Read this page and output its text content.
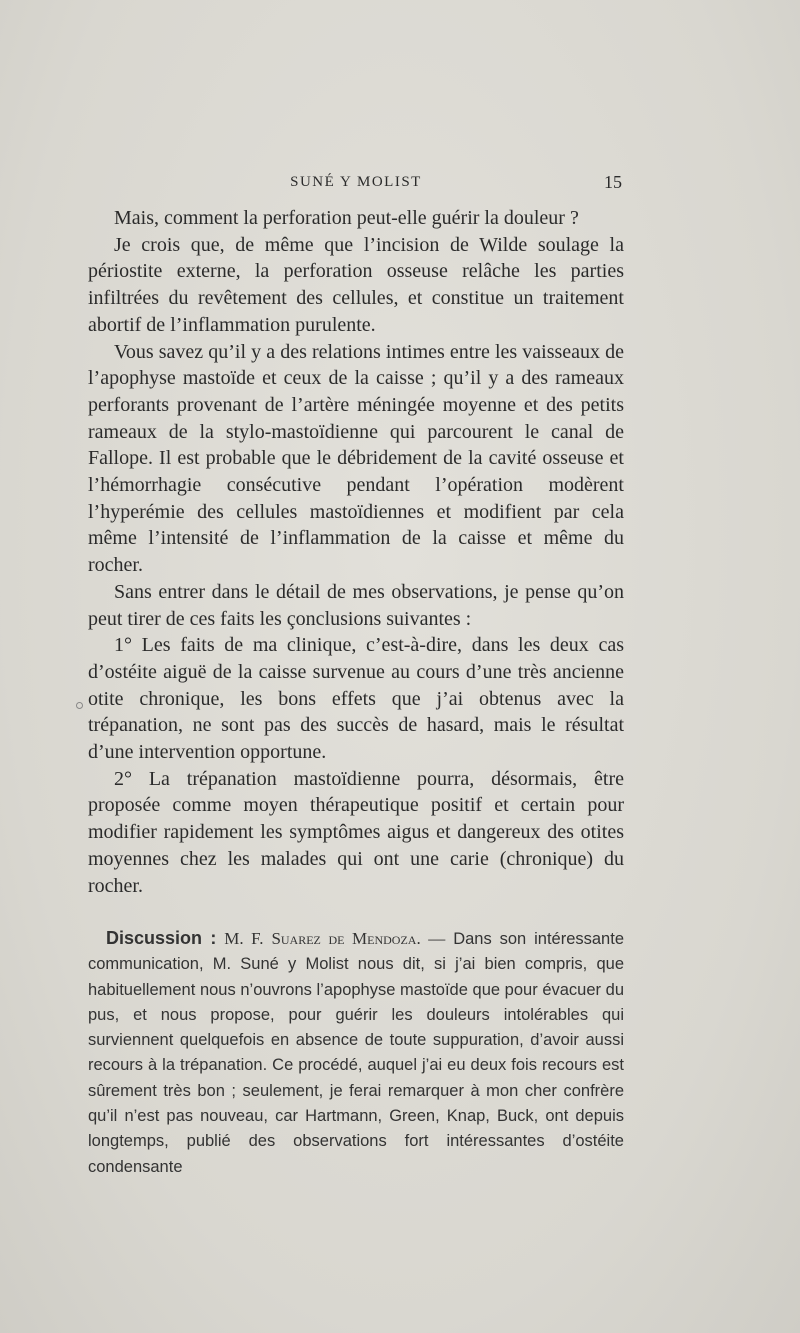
SUNÉ Y MOLIST	15

Mais, comment la perforation peut-elle guérir la douleur ?

Je crois que, de même que l’incision de Wilde soulage la périostite externe, la perforation osseuse relâche les parties infiltrées du revêtement des cellules, et constitue un traitement abortif de l’inflammation purulente.

Vous savez qu’il y a des relations intimes entre les vaisseaux de l’apophyse mastoïde et ceux de la caisse ; qu’il y a des rameaux perforants provenant de l’artère méningée moyenne et des petits rameaux de la stylo-mastoïdienne qui parcourent le canal de Fallope. Il est probable que le débridement de la cavité osseuse et l’hémorrhagie consécutive pendant l’opération modèrent l’hyperémie des cellules mastoïdiennes et modifient par cela même l’intensité de l’inflammation de la caisse et même du rocher.

Sans entrer dans le détail de mes observations, je pense qu’on peut tirer de ces faits les çonclusions suivantes :

1° Les faits de ma clinique, c’est-à-dire, dans les deux cas d’ostéite aiguë de la caisse survenue au cours d’une très ancienne otite chronique, les bons effets que j’ai obtenus avec la trépanation, ne sont pas des succès de hasard, mais le résultat d’une intervention opportune.

2° La trépanation mastoïdienne pourra, désormais, être proposée comme moyen thérapeutique positif et certain pour modifier rapidement les symptômes aigus et dangereux des otites moyennes chez les malades qui ont une carie (chronique) du rocher.

Discussion : M. F. Suarez de Mendoza. — Dans son intéressante communication, M. Suné y Molist nous dit, si j’ai bien compris, que habituellement nous n’ouvrons l’apophyse mastoïde que pour évacuer du pus, et nous propose, pour guérir les douleurs intolérables qui surviennent quelquefois en absence de toute suppuration, d’avoir aussi recours à la trépanation. Ce procédé, auquel j’ai eu deux fois recours est sûrement très bon ; seulement, je ferai remarquer à mon cher confrère qu’il n’est pas nouveau, car Hartmann, Green, Knap, Buck, ont depuis longtemps, publié des observations fort intéressantes d’ostéite condensante
